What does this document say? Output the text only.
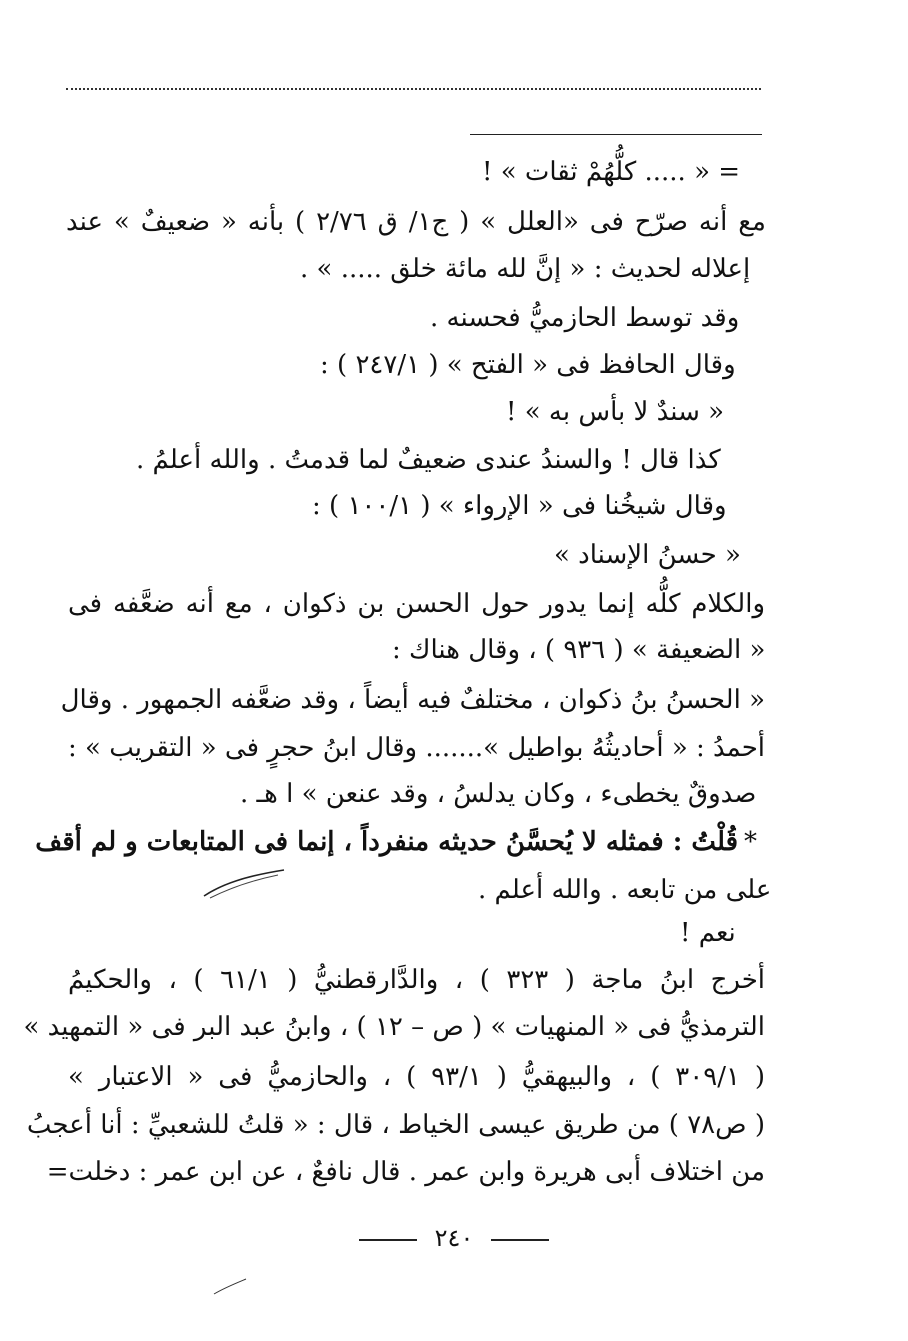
= « ..... كلُّهُمْ ثقات » !
مع أنه صرّح فى «العلل » ( ج١/ ق ٢/٧٦ ) بأنه « ضعيفٌ » عند
إعلاله لحديث : « إنَّ لله مائة خلق ..... » .
وقد توسط الحازميُّ فحسنه .
وقال الحافظ فى « الفتح » ( ٢٤٧/١ ) :
« سندٌ لا بأس به » !
كذا قال ! والسندُ عندى ضعيفٌ لما قدمتُ . والله أعلمُ .
وقال شيخُنا فى « الإرواء » ( ١٠٠/١ ) :
« حسنُ الإسناد »
والكلام كلُّه إنما يدور حول الحسن بن ذكوان ، مع أنه ضعَّفه فى
« الضعيفة » ( ٩٣٦ ) ، وقال هناك :
« الحسنُ بنُ ذكوان ، مختلفٌ فيه أيضاً ، وقد ضعَّفه الجمهور . وقال
أحمدُ : « أحاديثُهُ بواطيل »....... وقال ابنُ حجرٍ فى « التقريب » :
صدوقٌ يخطىء ، وكان يدلسُ ، وقد عنعن » ا هـ .
قُلْتُ : فمثله لا يُحسَّنُ حديثه منفرداً ، إنما فى المتابعات و لم أقف *
على من تابعه . والله أعلم .
نعم !
أخرج ابنُ ماجة ( ٣٢٣ ) ، والدَّارقطنيُّ ( ٦١/١ ) ، والحكيمُ
الترمذيُّ فى « المنهيات » ( ص – ١٢ ) ، وابنُ عبد البر فى « التمهيد »
( ٣٠٩/١ ) ، والبيهقيُّ ( ٩٣/١ ) ، والحازميُّ فى « الاعتبار »
( ص٧٨ ) من طريق عيسى الخياط ، قال : « قلتُ للشعبيِّ : أنا أعجبُ
من اختلاف أبى هريرة وابن عمر . قال نافعٌ ، عن ابن عمر : دخلت=
٢٤٠
